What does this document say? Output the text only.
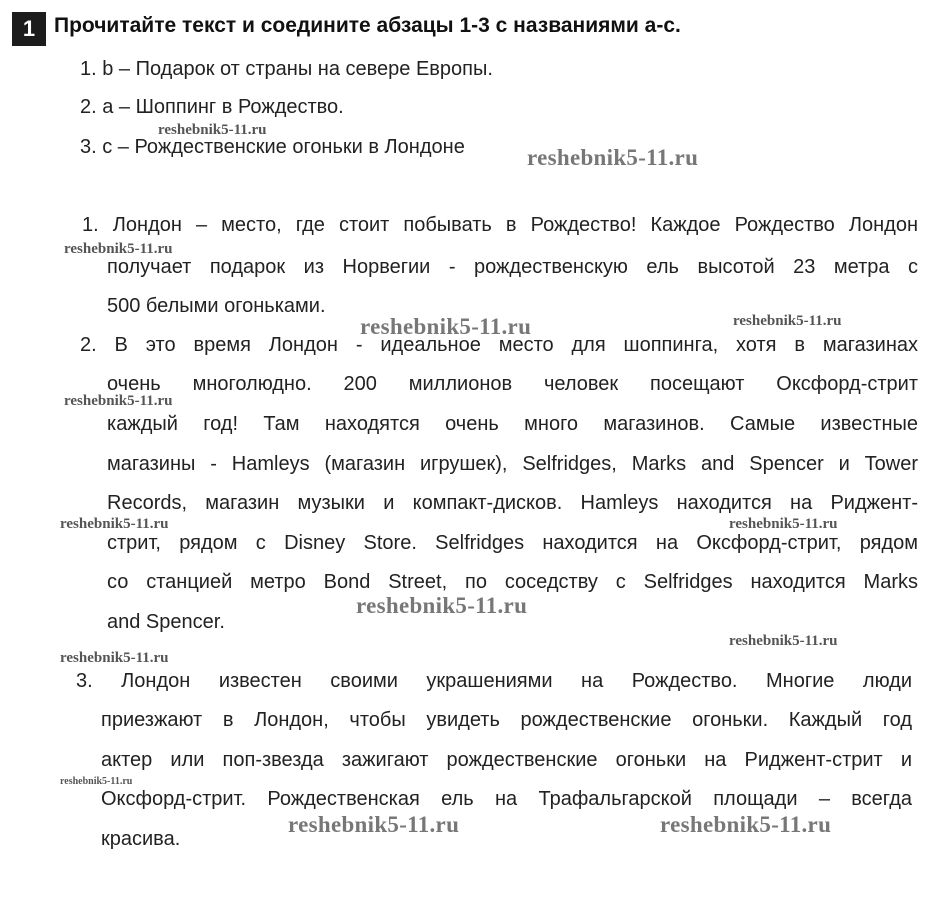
1 Прочитайте текст и соедините абзацы 1-3 с названиями a-c.
1. b – Подарок от страны на севере Европы.
2. a – Шоппинг в Рождество.
3. c – Рождественские огоньки в Лондоне
1. Лондон – место, где стоит побывать в Рождество! Каждое Рождество Лондон
получает подарок из Норвегии - рождественскую ель высотой 23 метра с
500 белыми огоньками.
2. В это время Лондон - идеальное место для шоппинга, хотя в магазинах
очень многолюдно. 200 миллионов человек посещают Оксфорд-стрит
каждый год! Там находятся очень много магазинов. Самые известные
магазины - Hamleys (магазин игрушек), Selfridges, Marks and Spencer и Tower
Records, магазин музыки и компакт-дисков. Hamleys находится на Риджент-
стрит, рядом с Disney Store. Selfridges находится на Оксфорд-стрит, рядом
со станцией метро Bond Street, по соседству с Selfridges находится Marks
and Spencer.
3. Лондон известен своими украшениями на Рождество. Многие люди
приезжают в Лондон, чтобы увидеть рождественские огоньки. Каждый год
актер или поп-звезда зажигают рождественские огоньки на Риджент-стрит и
Оксфорд-стрит. Рождественская ель на Трафальгарской площади – всегда
красива.
reshebnik5-11.ru
reshebnik5-11.ru
reshebnik5-11.ru
reshebnik5-11.ru	reshebnik5-11.ru
reshebnik5-11.ru
reshebnik5-11.ru	reshebnik5-11.ru
reshebnik5-11.ru
reshebnik5-11.ru
reshebnik5-11.ru
reshebnik5-11.ru
reshebnik5-11.ru	reshebnik5-11.ru
